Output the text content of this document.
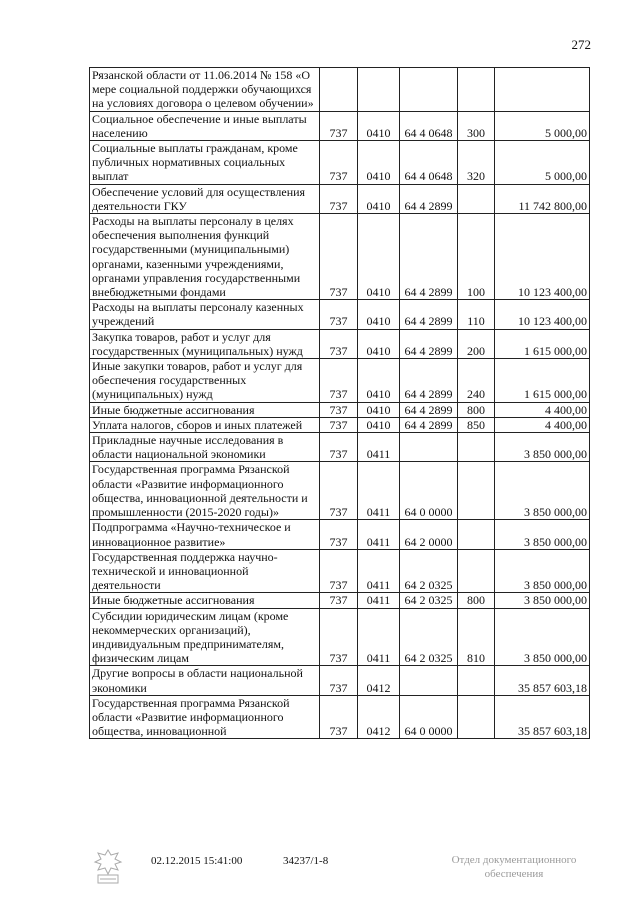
272
Рязанской области от 11.06.2014 № 158 «О мере социальной поддержки обучающихся на условиях договора о целевом обучении»					
Социальное обеспечение и иные выплаты населению	737	0410	64 4 0648	300	5 000,00
Социальные выплаты гражданам, кроме публичных нормативных социальных выплат	737	0410	64 4 0648	320	5 000,00
Обеспечение условий для осуществления деятельности ГКУ	737	0410	64 4 2899		11 742 800,00
Расходы на выплаты персоналу в целях обеспечения выполнения функций государственными (муниципальными) органами, казенными учреждениями, органами управления государственными внебюджетными фондами	737	0410	64 4 2899	100	10 123 400,00
Расходы на выплаты персоналу казенных учреждений	737	0410	64 4 2899	110	10 123 400,00
Закупка товаров, работ и услуг для государственных (муниципальных) нужд	737	0410	64 4 2899	200	1 615 000,00
Иные закупки товаров, работ и услуг для обеспечения государственных (муниципальных) нужд	737	0410	64 4 2899	240	1 615 000,00
Иные бюджетные ассигнования	737	0410	64 4 2899	800	4 400,00
Уплата налогов, сборов и иных платежей	737	0410	64 4 2899	850	4 400,00
Прикладные научные исследования в области национальной экономики	737	0411			3 850 000,00
Государственная программа Рязанской области «Развитие информационного общества, инновационной деятельности и промышленности (2015-2020 годы)»	737	0411	64 0 0000		3 850 000,00
Подпрограмма «Научно-техническое и инновационное развитие»	737	0411	64 2 0000		3 850 000,00
Государственная поддержка научно-технической и инновационной деятельности	737	0411	64 2 0325		3 850 000,00
Иные бюджетные ассигнования	737	0411	64 2 0325	800	3 850 000,00
Субсидии юридическим лицам (кроме некоммерческих организаций), индивидуальным предпринимателям, физическим лицам	737	0411	64 2 0325	810	3 850 000,00
Другие вопросы в области национальной экономики	737	0412			35 857 603,18
Государственная программа Рязанской области «Развитие информационного общества, инновационной	737	0412	64 0 0000		35 857 603,18
02.12.2015 15:41:00	34237/1-8	Отдел документационного обеспечения
